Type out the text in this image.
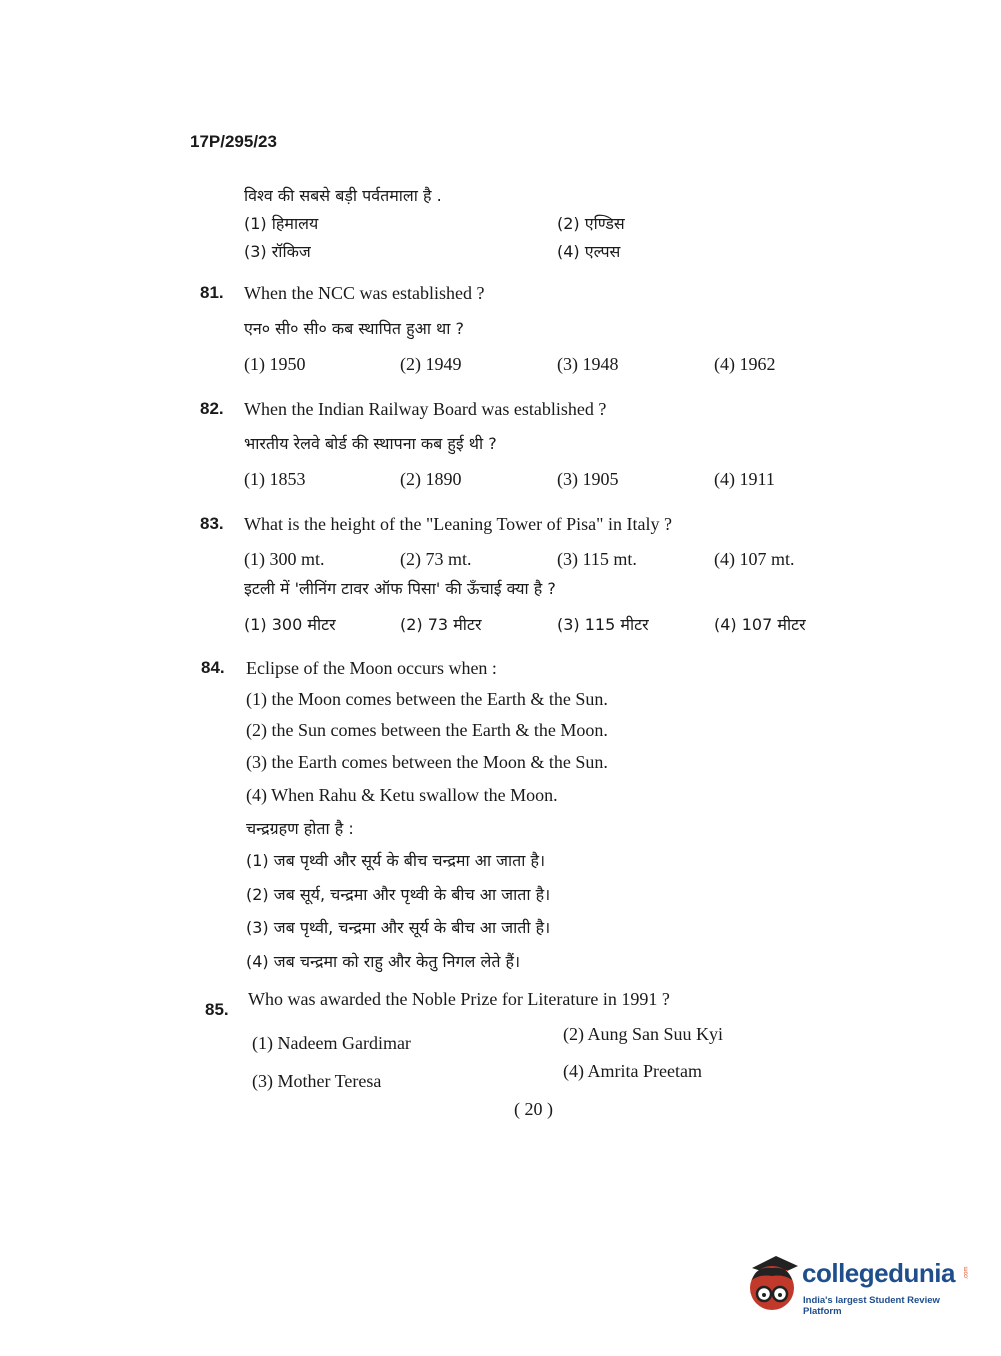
17P/295/23
विश्व की सबसे बड़ी पर्वतमाला है .
(1) हिमालय	(2) एण्डिस
(3) रॉकिज	(4) एल्पस
81. When the NCC was established ?
एन० सी० सी० कब स्थापित हुआ था ?
(1) 1950	(2) 1949	(3) 1948	(4) 1962
82. When the Indian Railway Board was established ?
भारतीय रेलवे बोर्ड की स्थापना कब हुई थी ?
(1) 1853	(2) 1890	(3) 1905	(4) 1911
83. What is the height of the "Leaning Tower of Pisa" in Italy ?
(1) 300 mt.	(2) 73 mt.	(3) 115 mt.	(4) 107 mt.
इटली में 'लीनिंग टावर ऑफ पिसा' की ऊँचाई क्या है ?
(1) 300 मीटर	(2) 73 मीटर	(3) 115 मीटर	(4) 107 मीटर
84. Eclipse of the Moon occurs when :
(1) the Moon comes between the Earth & the Sun.
(2) the Sun comes between the Earth & the Moon.
(3) the Earth comes between the Moon & the Sun.
(4) When Rahu & Ketu swallow the Moon.
चन्द्रग्रहण होता है :
(1) जब पृथ्वी और सूर्य के बीच चन्द्रमा आ जाता है।
(2) जब सूर्य, चन्द्रमा और पृथ्वी के बीच आ जाता है।
(3) जब पृथ्वी, चन्द्रमा और सूर्य के बीच आ जाती है।
(4) जब चन्द्रमा को राहु और केतु निगल लेते हैं।
85.
Who was awarded the Noble Prize for Literature in 1991 ?
(1) Nadeem Gardimar	(2) Aung San Suu Kyi
(3) Mother Teresa	(4) Amrita Preetam
( 20 )
collegedunia .com
India's largest Student Review Platform
